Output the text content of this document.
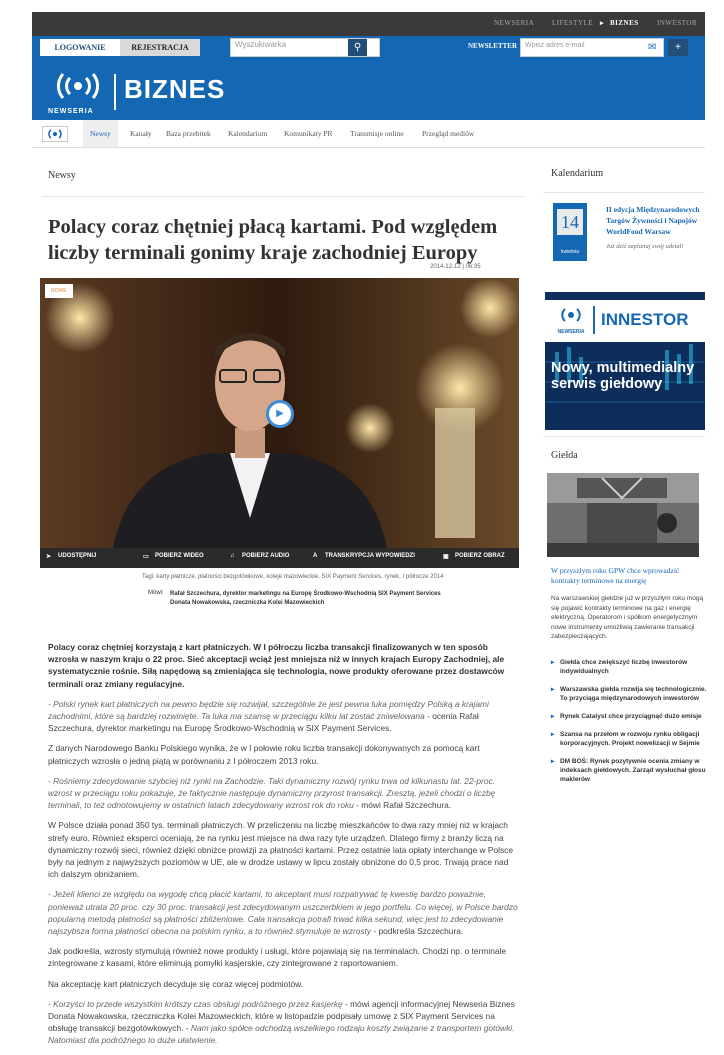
NEWSERIA	LIFESTYLE ▸ BIZNES	INWESTOR
LOGOWANIE	REJESTRACJA	Wyszukiwarka	⚲	NEWSLETTER	Wpisz adres e-mail	✉	+
NEWSERIA
BIZNES
Newsy	Kanały Baza przebitek Kalendarium Komunikaty PR Transmisje online Przegląd mediów
Newsy
Polacy coraz chętniej płacą kartami. Pod względem liczby terminali gonimy kraje zachodniej Europy
2014-12-12 | 06:35
NOWE
▶
➤ UDOSTĘPNIJ	▭ POBIERZ WIDEO	♫ POBIERZ AUDIO	A TRANSKRYPCJA WYPOWIEDZI	▣ POBIERZ OBRAZ
Tagi: karty płatnicze, płatności bezgotówkowe, koleje mazowieckie, SIX Payment Services, rynek, I półrocze 2014
Mówi: Rafał Szczechura, dyrektor marketingu na Europę Środkowo-Wschodnią SIX Payment Services
Donata Nowakowska, rzeczniczka Kolei Mazowieckich

Polacy coraz chętniej korzystają z kart płatniczych. W I półroczu liczba transakcji finalizowanych w ten sposób wzrosła w naszym kraju o 22 proc. Sieć akceptacji wciąż jest mniejsza niż w innych krajach Europy Zachodniej, ale systematycznie rośnie. Siłą napędową są zmieniająca się technologia, nowe produkty oferowane przez dostawców terminali oraz zmiany regulacyjne.

- Polski rynek kart płatniczych na pewno będzie się rozwijał, szczególnie że jest pewna luka pomiędzy Polską a krajami zachodnimi, które są bardziej rozwinięte. Ta luka ma szansę w przeciągu kilku lat zostać zniwelowana - ocenia Rafał Szczechura, dyrektor marketingu na Europę Środkowo-Wschodnią w SIX Payment Services.

Z danych Narodowego Banku Polskiego wynika, że w I połowie roku liczba transakcji dokonywanych za pomocą kart płatniczych wzrosła o jedną piątą w porównaniu z I półroczem 2013 roku.

- Rośniemy zdecydowanie szybciej niż rynki na Zachodzie. Taki dynamiczny rozwój rynku trwa od kilkunastu lat. 22-proc. wzrost w przeciągu roku pokazuje, że faktycznie następuje dynamiczny przyrost transakcji. Zresztą, jeżeli chodzi o liczbę terminali, to też odnotowujemy w ostatnich latach zdecydowany wzrost rok do roku - mówi Rafał Szczechura.

W Polsce działa ponad 350 tys. terminali płatniczych. W przeliczeniu na liczbę mieszkańców to dwa razy mniej niż w krajach strefy euro. Również eksperci oceniają, że na rynku jest miejsce na dwa razy tyle urządzeń. Dlatego firmy z branży liczą na dynamiczny rozwój sieci, również dzięki obniżce prowizji za płatności kartami. Przez ostatnie lata opłaty interchange w Polsce były na jednym z najwyższych poziomów w UE, ale w drodze ustawy w lipcu zostały obniżone do 0,5 proc. Trwają prace nad ich dalszym obniżaniem.

- Jeżeli klienci ze względu na wygodę chcą płacić kartami, to akceptant musi rozpatrywać tę kwestię bardzo poważnie, ponieważ utrata 20 proc. czy 30 proc. transakcji jest zdecydowanym uszczerbkiem w jego portfelu. Co więcej, w Polsce bardzo popularną metodą płatności są płatności zbliżeniowe. Cała transakcja potrafi trwać kilka sekund, więc jest to zdecydowanie najszybsza forma płatności obecna na polskim rynku, a to również stymuluje te wzrosty - podkreśla Szczechura.

Jak podkreśla, wzrosty stymulują również nowe produkty i usługi, które pojawiają się na terminalach. Chodzi np. o terminale zintegrowane z kasami, które eliminują pomyłki kasjerskie, czy zintegrowane z raportowaniem.

Na akceptację kart płatniczych decyduje się coraz więcej podmiotów.

- Korzyści to przede wszystkim krótszy czas obsługi podróżnego przez kasjerkę - mówi agencji informacyjnej Newseria Biznes Donata Nowakowska, rzeczniczka Kolei Mazowieckich, które w listopadzie podpisały umowę z SIX Payment Services na obsługę transakcji bezgotówkowych. - Nam jako spółce odchodzą wszelkiego rodzaju koszty związane z transportem gotówki. Natomiast dla podróżnego to duże ułatwienie.

Kalendarium
14
kwietnia
II edycja Międzynarodowych Targów Żywności i Napojów WorldFood Warsaw
Już dziś zaplanuj swój udział!
NEWSERIA
INNESTOR
Nowy, multimedialny serwis giełdowy
Giełda
W przyszłym roku GPW chce wprowadzić kontrakty terminowe na energię
Na warszawskiej giełdzie już w przyszłym roku mogą się pojawić kontrakty terminowe na gaz i energię elektryczną. Operatorom i spółkom energetycznym nowe instrumenty umożliwią zawieranie transakcji zabezpieczających.
▸ Giełda chce zwiększyć liczbę inwestorów indywidualnych
▸ Warszawska giełda rozwija się technologicznie. To przyciąga międzynarodowych inwestorów
▸ Rynek Catalyst chce przyciągnąć dużo emisje
▸ Szansa na przełom w rozwoju rynku obligacji korporacyjnych. Projekt nowelizacji w Sejmie
▸ DM BOŚ: Rynek pozytywnie ocenia zmiany w indeksach giełdowych. Zarząd wysłuchał głosu maklerów
